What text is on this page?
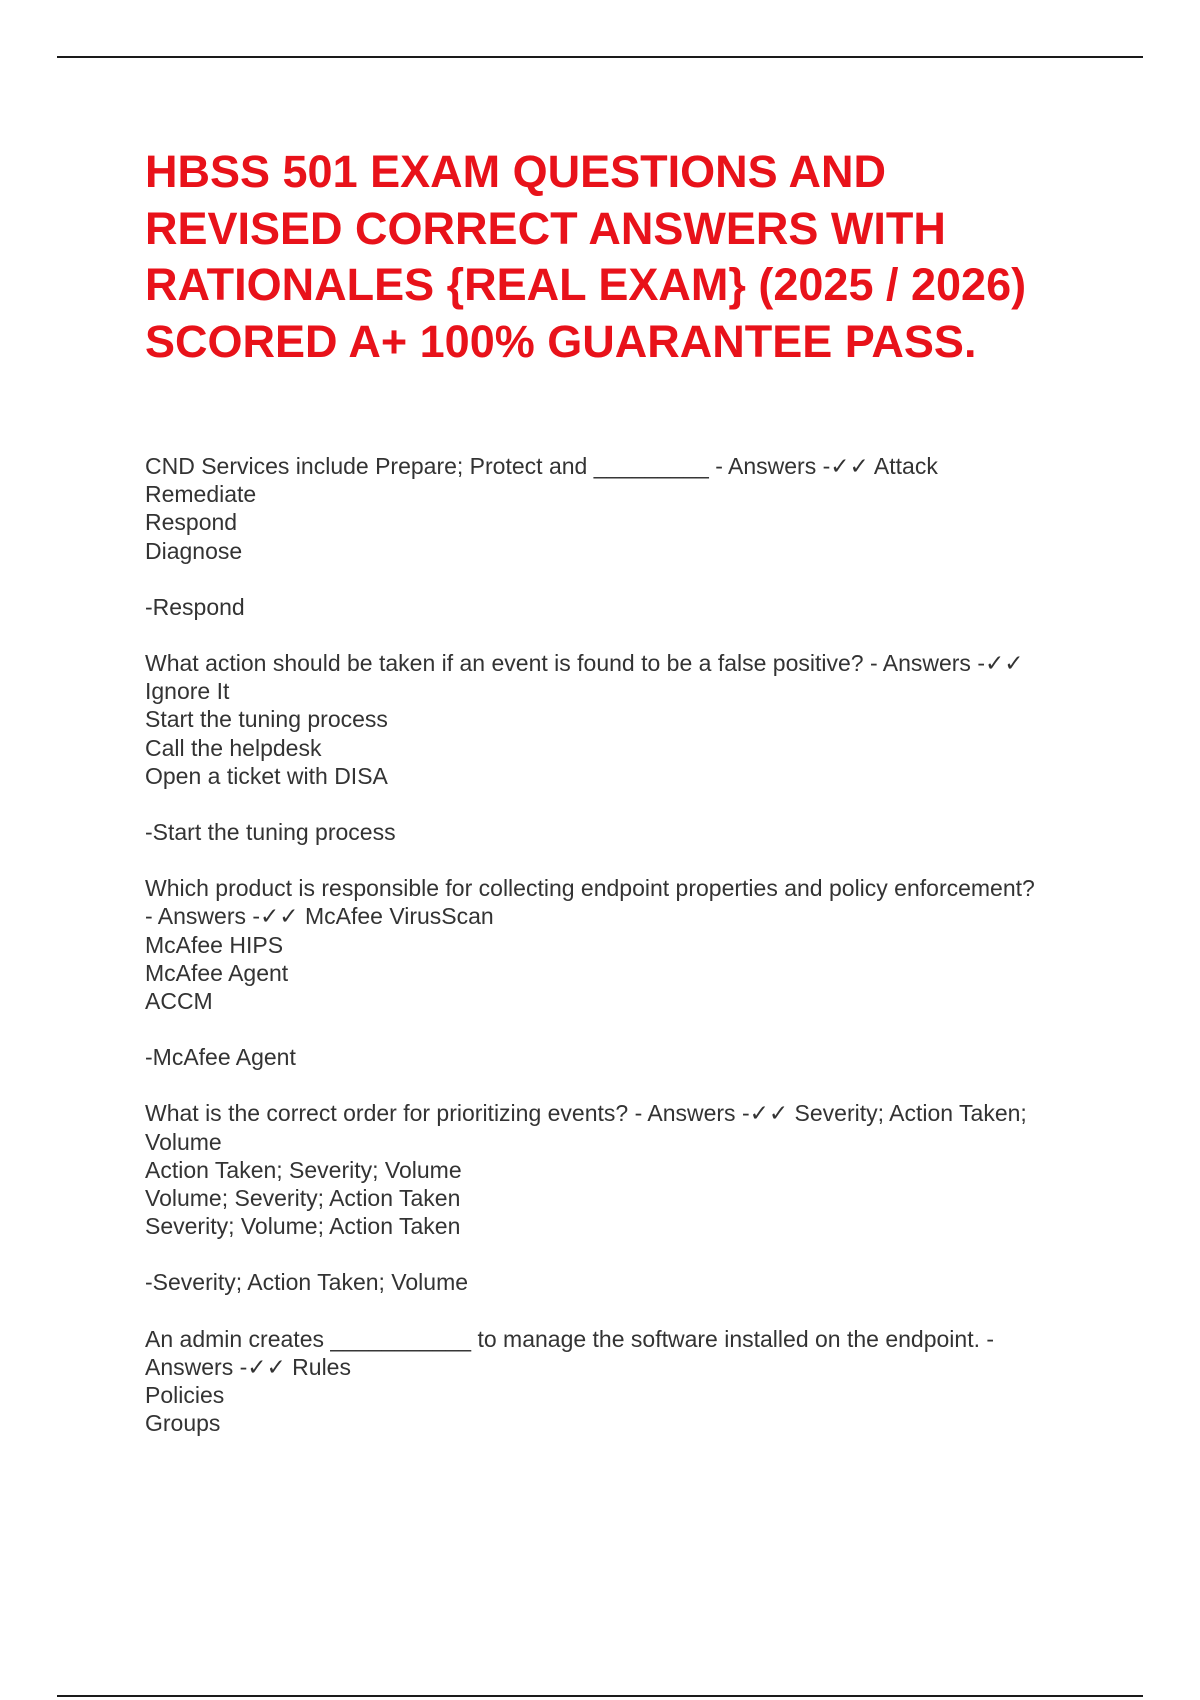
HBSS 501 EXAM QUESTIONS AND REVISED CORRECT ANSWERS WITH RATIONALES {REAL EXAM} (2025 / 2026) SCORED A+ 100% GUARANTEE PASS.
CND Services include Prepare; Protect and _________ - Answers -✓✓ Attack
Remediate
Respond
Diagnose
-Respond
What action should be taken if an event is found to be a false positive? - Answers -✓✓
Ignore It
Start the tuning process
Call the helpdesk
Open a ticket with DISA
-Start the tuning process
Which product is responsible for collecting endpoint properties and policy enforcement?
- Answers -✓✓ McAfee VirusScan
McAfee HIPS
McAfee Agent
ACCM
-McAfee Agent
What is the correct order for prioritizing events? - Answers -✓✓ Severity; Action Taken;
Volume
Action Taken; Severity; Volume
Volume; Severity; Action Taken
Severity; Volume; Action Taken
-Severity; Action Taken; Volume
An admin creates ___________ to manage the software installed on the endpoint. -
Answers -✓✓ Rules
Policies
Groups
